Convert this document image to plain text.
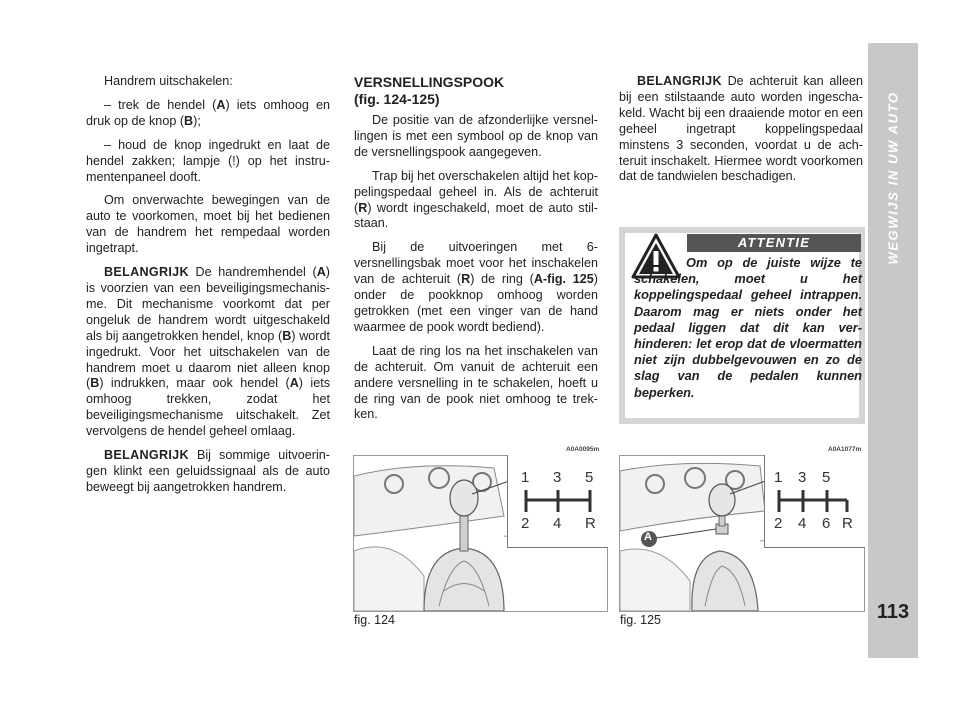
Handrem uitschakelen:

– trek de hendel (A) iets omhoog en druk op de knop (B);

– houd de knop ingedrukt en laat de hendel zakken; lampje (!) op het instrumentenpaneel dooft.

Om onverwachte bewegingen van de auto te voorkomen, moet bij het bedienen van de handrem het rempedaal worden ingetrapt.

BELANGRIJK De handremhendel (A) is voorzien van een beveiligingsmechanisme. Dit mechanisme voorkomt dat per ongeluk de handrem wordt uitgeschakeld als bij aangetrokken hendel, knop (B) wordt ingedrukt. Voor het uitschakelen van de handrem moet u daarom niet alleen knop (B) indrukken, maar ook hendel (A) iets omhoog trekken, zodat het beveiligingsmechanisme uitschakelt. Zet vervolgens de hendel geheel omlaag.

BELANGRIJK Bij sommige uitvoeringen klinkt een geluidssignaal als de auto beweegt bij aangetrokken handrem.

VERSNELLINGSPOOK
(fig. 124-125)

De positie van de afzonderlijke versnellingen is met een symbool op de knop van de versnellingspook aangegeven.

Trap bij het overschakelen altijd het koppelingspedaal geheel in. Als de achteruit (R) wordt ingeschakeld, moet de auto stilstaan.

Bij de uitvoeringen met 6-versnellingsbak moet voor het inschakelen van de achteruit (R) de ring (A-fig. 125) onder de pookknop omhoog worden getrokken (met een vinger van de hand waarmee de pook wordt bediend).

Laat de ring los na het inschakelen van de achteruit. Om vanuit de achteruit een andere versnelling in te schakelen, hoeft u de ring van de pook niet omhoog te trekken.

BELANGRIJK De achteruit kan alleen bij een stilstaande auto worden ingeschakeld. Wacht bij een draaiende motor en een geheel ingetrapt koppelingspedaal minstens 3 seconden, voordat u de achteruit inschakelt. Hiermee wordt voorkomen dat de tandwielen beschadigen.

ATTENTIE
Om op de juiste wijze te schakelen, moet u het koppelingspedaal geheel intrappen. Daarom mag er niets onder het pedaal liggen dat dit kan verhinderen: let erop dat de vloermatten niet zijn dubbelgevouwen en zo de slag van de pedalen kunnen beperken.
WEGWIJS IN UW AUTO
113
A0A0095m
1 3 5
2 4 R
fig. 124
A0A1077m
A
1 3 5
2 4 6 R
fig. 125
